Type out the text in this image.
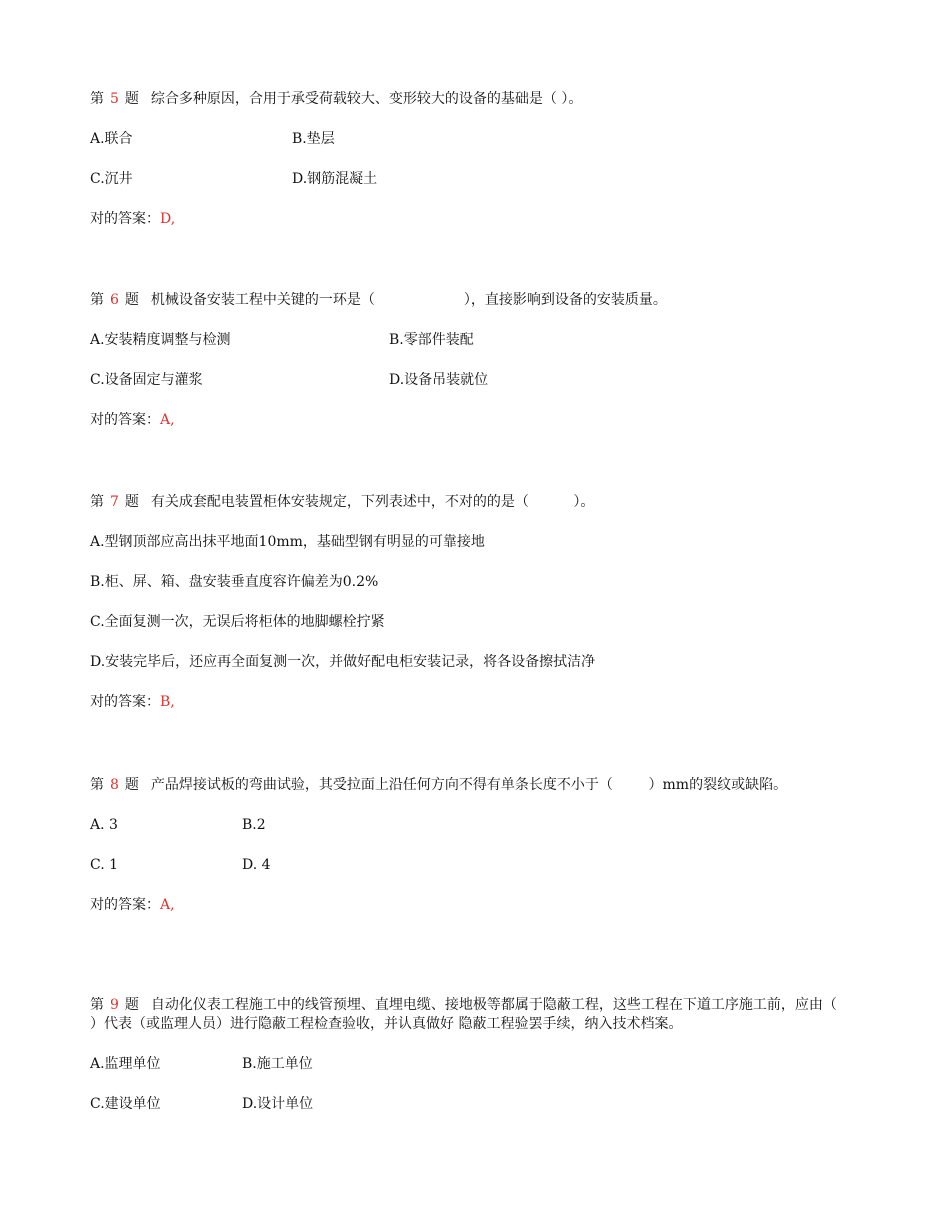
第 5 题 综合多种原因，合用于承受荷载较大、变形较大的设备的基础是（ ）。

A.联合	B.垫层
C.沉井	D.钢筋混凝土
对的答案：D,

第 6 题 机械设备安装工程中关键的一环是（                    ），直接影响到设备的安装质量。

A.安装精度调整与检测	B.零部件装配
C.设备固定与灌浆	D.设备吊装就位
对的答案：A,

第 7 题 有关成套配电装置柜体安装规定，下列表述中，不对的的是（          ）。

A.型钢顶部应高出抹平地面10mm，基础型钢有明显的可靠接地
B.柜、屏、箱、盘安装垂直度容许偏差为0.2%
C.全面复测一次，无误后将柜体的地脚螺栓拧紧
D.安装完毕后，还应再全面复测一次，并做好配电柜安装记录，将各设备擦拭洁净
对的答案：B,

第 8 题 产品焊接试板的弯曲试验，其受拉面上沿任何方向不得有单条长度不小于（        ）mm的裂纹或缺陷。

A. 3	B.2
C. 1	D. 4
对的答案：A,

第 9 题 自动化仪表工程施工中的线管预埋、直埋电缆、接地极等都属于隐蔽工程，这些工程在下道工序施工前，应由（          ）代表（或监理人员）进行隐蔽工程检查验收，并认真做好 隐蔽工程验罢手续，纳入技术档案。

A.监理单位	B.施工单位
C.建设单位	D.设计单位
